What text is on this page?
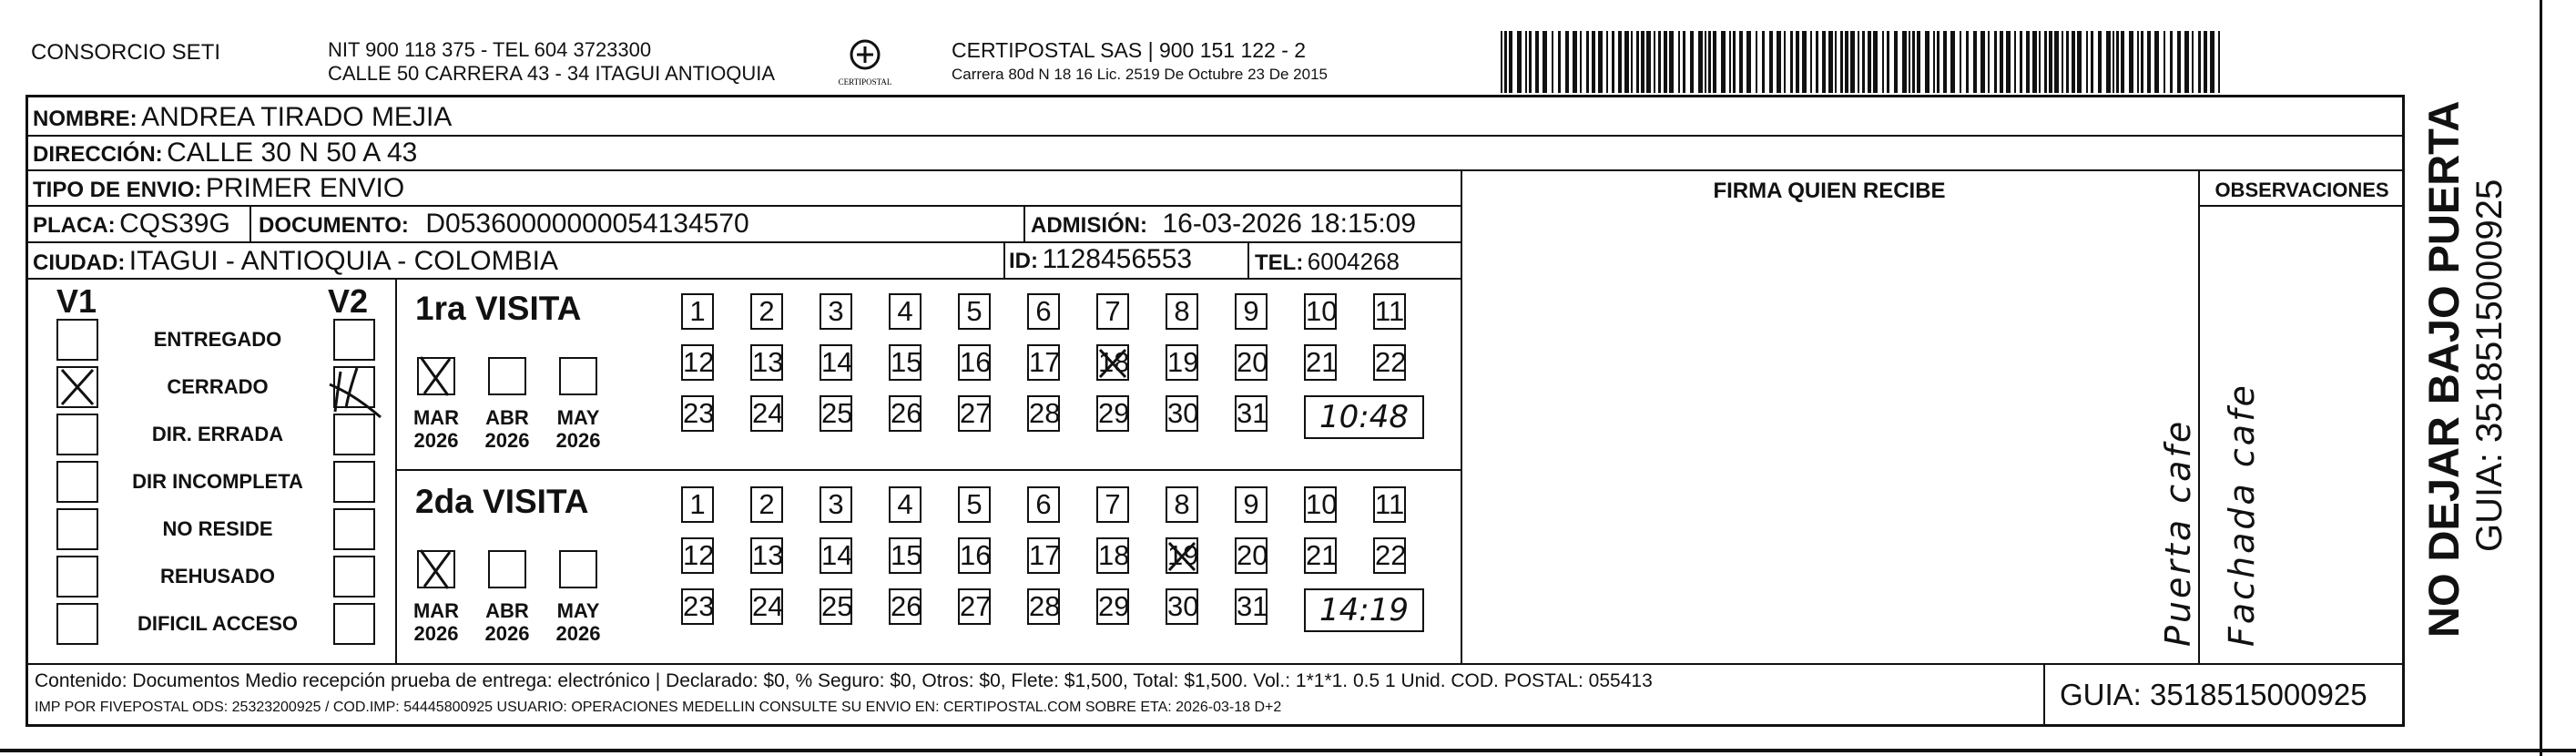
CONSORCIO SETI	NIT 900 118 375 - TEL 604 3723300
CALLE 50 CARRERA 43 - 34 ITAGUI ANTIOQUIA	CERTIPOSTAL
CERTIPOSTAL SAS | 900 151 122 - 2
Carrera 80d N 18 16 Lic. 2519 De Octubre 23 De 2015
NOMBRE: ANDREA TIRADO MEJIA
DIRECCIÓN: CALLE 30 N 50 A 43
TIPO DE ENVIO: PRIMER ENVIO
PLACA: CQS39G DOCUMENTO: D05360000000054134570	ADMISIÓN: 16-03-2026 18:15:09
CIUDAD: ITAGUI - ANTIOQUIA - COLOMBIA	ID: 1128456553	TEL: 6004268
FIRMA QUIEN RECIBE	OBSERVACIONES
V1	V2
ENTREGADO
CERRADO
DIR. ERRADA
DIR INCOMPLETA
NO RESIDE
REHUSADO
DIFICIL ACCESO
1ra VISITA
MAR
2026
ABR
2026
MAY
2026
1	2	3	4	5	6	7	8	9	10 11
12 13 14 15 16 17 18 19 20 21 22
23 24 25 26 27 28 29 30 31	10:48
2da VISITA
MAR
2026
ABR
2026
MAY
2026
1	2	3	4	5	6	7	8	9	10 11
12 13 14 15 16 17 18 19 20 21 22
23 24 25 26 27 28 29 30 31	14:19	Puerta cafe Fachada cafe
Contenido: Documentos Medio recepción prueba de entrega: electrónico | Declarado: $0, % Seguro: $0, Otros: $0, Flete: $1,500, Total: $1,500. Vol.: 1*1*1. 0.5 1 Unid. COD. POSTAL: 055413
IMP POR FIVEPOSTAL ODS: 25323200925 / COD.IMP: 54445800925 USUARIO: OPERACIONES MEDELLIN CONSULTE SU ENVIO EN: CERTIPOSTAL.COM SOBRE ETA: 2026-03-18 D+2	GUIA: 3518515000925
NO DEJAR BAJO PUERTA GUIA: 3518515000925
